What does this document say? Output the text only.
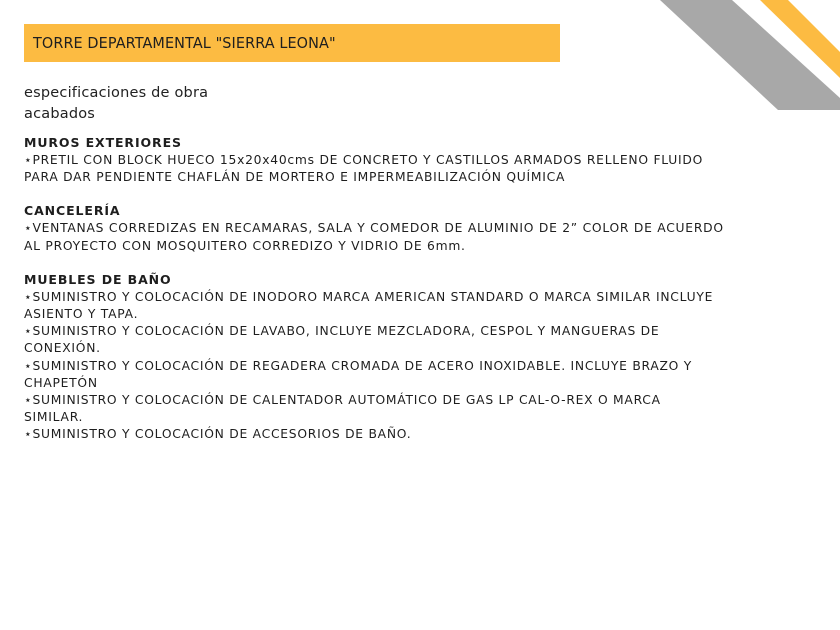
TORRE DEPARTAMENTAL "SIERRA LEONA"
especificaciones de obra
acabados
MUROS EXTERIORES
⋆PRETIL CON BLOCK HUECO 15x20x40cms DE CONCRETO Y CASTILLOS ARMADOS RELLENO FLUIDO
PARA DAR PENDIENTE CHAFLÁN DE MORTERO E IMPERMEABILIZACIÓN QUÍMICA
CANCELERÍA
⋆VENTANAS CORREDIZAS EN RECAMARAS, SALA Y COMEDOR DE ALUMINIO DE 2” COLOR DE ACUERDO
AL PROYECTO CON MOSQUITERO CORREDIZO Y VIDRIO DE 6mm.
MUEBLES DE BAÑO
⋆SUMINISTRO Y COLOCACIÓN DE INODORO MARCA AMERICAN STANDARD O MARCA SIMILAR INCLUYE
ASIENTO Y TAPA.
⋆SUMINISTRO Y COLOCACIÓN DE LAVABO, INCLUYE MEZCLADORA, CESPOL Y MANGUERAS DE
CONEXIÓN.
⋆SUMINISTRO Y COLOCACIÓN DE REGADERA CROMADA DE ACERO INOXIDABLE. INCLUYE BRAZO Y
CHAPETÓN
⋆SUMINISTRO Y COLOCACIÓN DE CALENTADOR AUTOMÁTICO DE GAS LP CAL-O-REX O MARCA
SIMILAR.
⋆SUMINISTRO Y COLOCACIÓN DE ACCESORIOS DE BAÑO.
